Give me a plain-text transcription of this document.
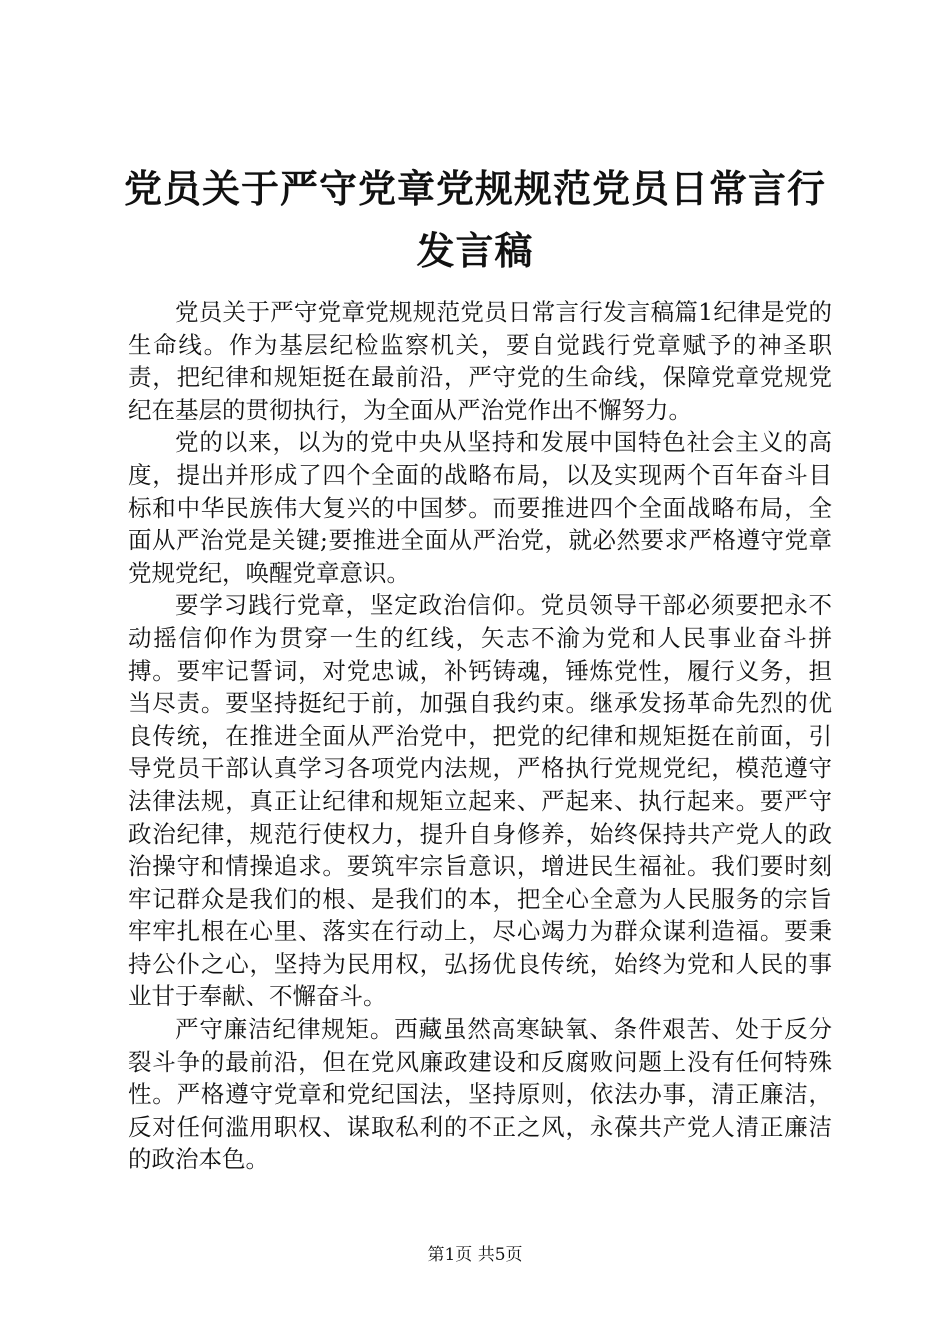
党员关于严守党章党规规范党员日常言行发言稿

党员关于严守党章党规规范党员日常言行发言稿篇1纪律是党的生命线。作为基层纪检监察机关，要自觉践行党章赋予的神圣职责，把纪律和规矩挺在最前沿，严守党的生命线，保障党章党规党纪在基层的贯彻执行，为全面从严治党作出不懈努力。

党的以来，以为的党中央从坚持和发展中国特色社会主义的高度，提出并形成了四个全面的战略布局，以及实现两个百年奋斗目标和中华民族伟大复兴的中国梦。而要推进四个全面战略布局，全面从严治党是关键;要推进全面从严治党，就必然要求严格遵守党章党规党纪，唤醒党章意识。

要学习践行党章，坚定政治信仰。党员领导干部必须要把永不动摇信仰作为贯穿一生的红线，矢志不渝为党和人民事业奋斗拼搏。要牢记誓词，对党忠诚，补钙铸魂，锤炼党性，履行义务，担当尽责。要坚持挺纪于前，加强自我约束。继承发扬革命先烈的优良传统，在推进全面从严治党中，把党的纪律和规矩挺在前面，引导党员干部认真学习各项党内法规，严格执行党规党纪，模范遵守法律法规，真正让纪律和规矩立起来、严起来、执行起来。要严守政治纪律，规范行使权力，提升自身修养，始终保持共产党人的政治操守和情操追求。要筑牢宗旨意识，增进民生福祉。我们要时刻牢记群众是我们的根、是我们的本，把全心全意为人民服务的宗旨牢牢扎根在心里、落实在行动上，尽心竭力为群众谋利造福。要秉持公仆之心，坚持为民用权，弘扬优良传统，始终为党和人民的事业甘于奉献、不懈奋斗。

严守廉洁纪律规矩。西藏虽然高寒缺氧、条件艰苦、处于反分裂斗争的最前沿，但在党风廉政建设和反腐败问题上没有任何特殊性。严格遵守党章和党纪国法，坚持原则，依法办事，清正廉洁，反对任何滥用职权、谋取私利的不正之风，永葆共产党人清正廉洁的政治本色。

第1页 共5页
